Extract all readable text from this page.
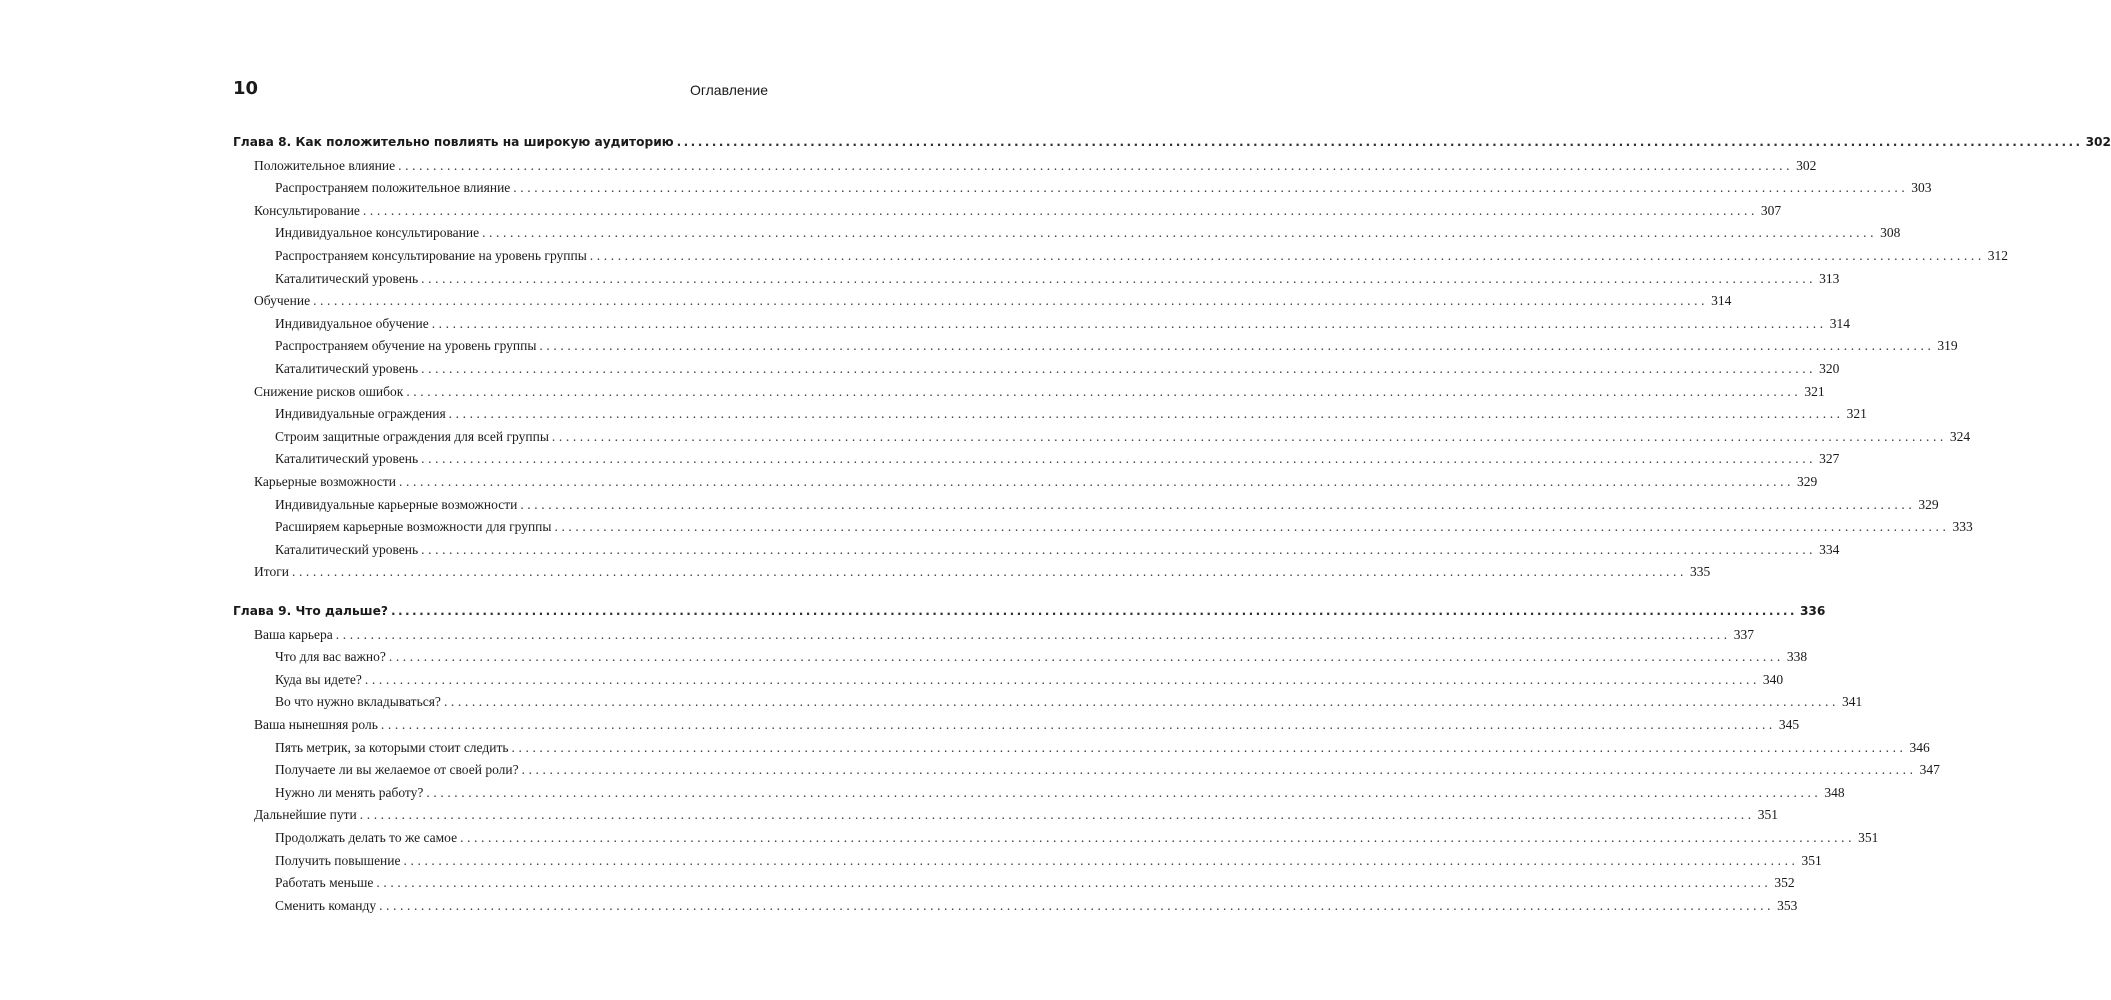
10	Оглавление
Глава 8. Как положительно повлиять на широкую аудиторию ........................................................................................................................................................................................................ 302
Положительное влияние ........................................................................................................................................................................................................ 302
Распространяем положительное влияние ........................................................................................................................................................................................................ 303
Консультирование ........................................................................................................................................................................................................ 307
Индивидуальное консультирование ........................................................................................................................................................................................................ 308
Распространяем консультирование на уровень группы ........................................................................................................................................................................................................ 312
Каталитический уровень ........................................................................................................................................................................................................ 313
Обучение ........................................................................................................................................................................................................ 314
Индивидуальное обучение ........................................................................................................................................................................................................ 314
Распространяем обучение на уровень группы ........................................................................................................................................................................................................ 319
Каталитический уровень ........................................................................................................................................................................................................ 320
Снижение рисков ошибок ........................................................................................................................................................................................................ 321
Индивидуальные ограждения ........................................................................................................................................................................................................ 321
Строим защитные ограждения для всей группы ........................................................................................................................................................................................................ 324
Каталитический уровень ........................................................................................................................................................................................................ 327
Карьерные возможности ........................................................................................................................................................................................................ 329
Индивидуальные карьерные возможности ........................................................................................................................................................................................................ 329
Расширяем карьерные возможности для группы ........................................................................................................................................................................................................ 333
Каталитический уровень ........................................................................................................................................................................................................ 334
Итоги ........................................................................................................................................................................................................ 335
Глава 9. Что дальше? ........................................................................................................................................................................................................ 336
Ваша карьера ........................................................................................................................................................................................................ 337
Что для вас важно? ........................................................................................................................................................................................................ 338
Куда вы идете? ........................................................................................................................................................................................................ 340
Во что нужно вкладываться? ........................................................................................................................................................................................................ 341
Ваша нынешняя роль ........................................................................................................................................................................................................ 345
Пять метрик, за которыми стоит следить ........................................................................................................................................................................................................ 346
Получаете ли вы желаемое от своей роли? ........................................................................................................................................................................................................ 347
Нужно ли менять работу? ........................................................................................................................................................................................................ 348
Дальнейшие пути ........................................................................................................................................................................................................ 351
Продолжать делать то же самое ........................................................................................................................................................................................................ 351
Получить повышение ........................................................................................................................................................................................................ 351
Работать меньше ........................................................................................................................................................................................................ 352
Сменить команду ........................................................................................................................................................................................................ 353
